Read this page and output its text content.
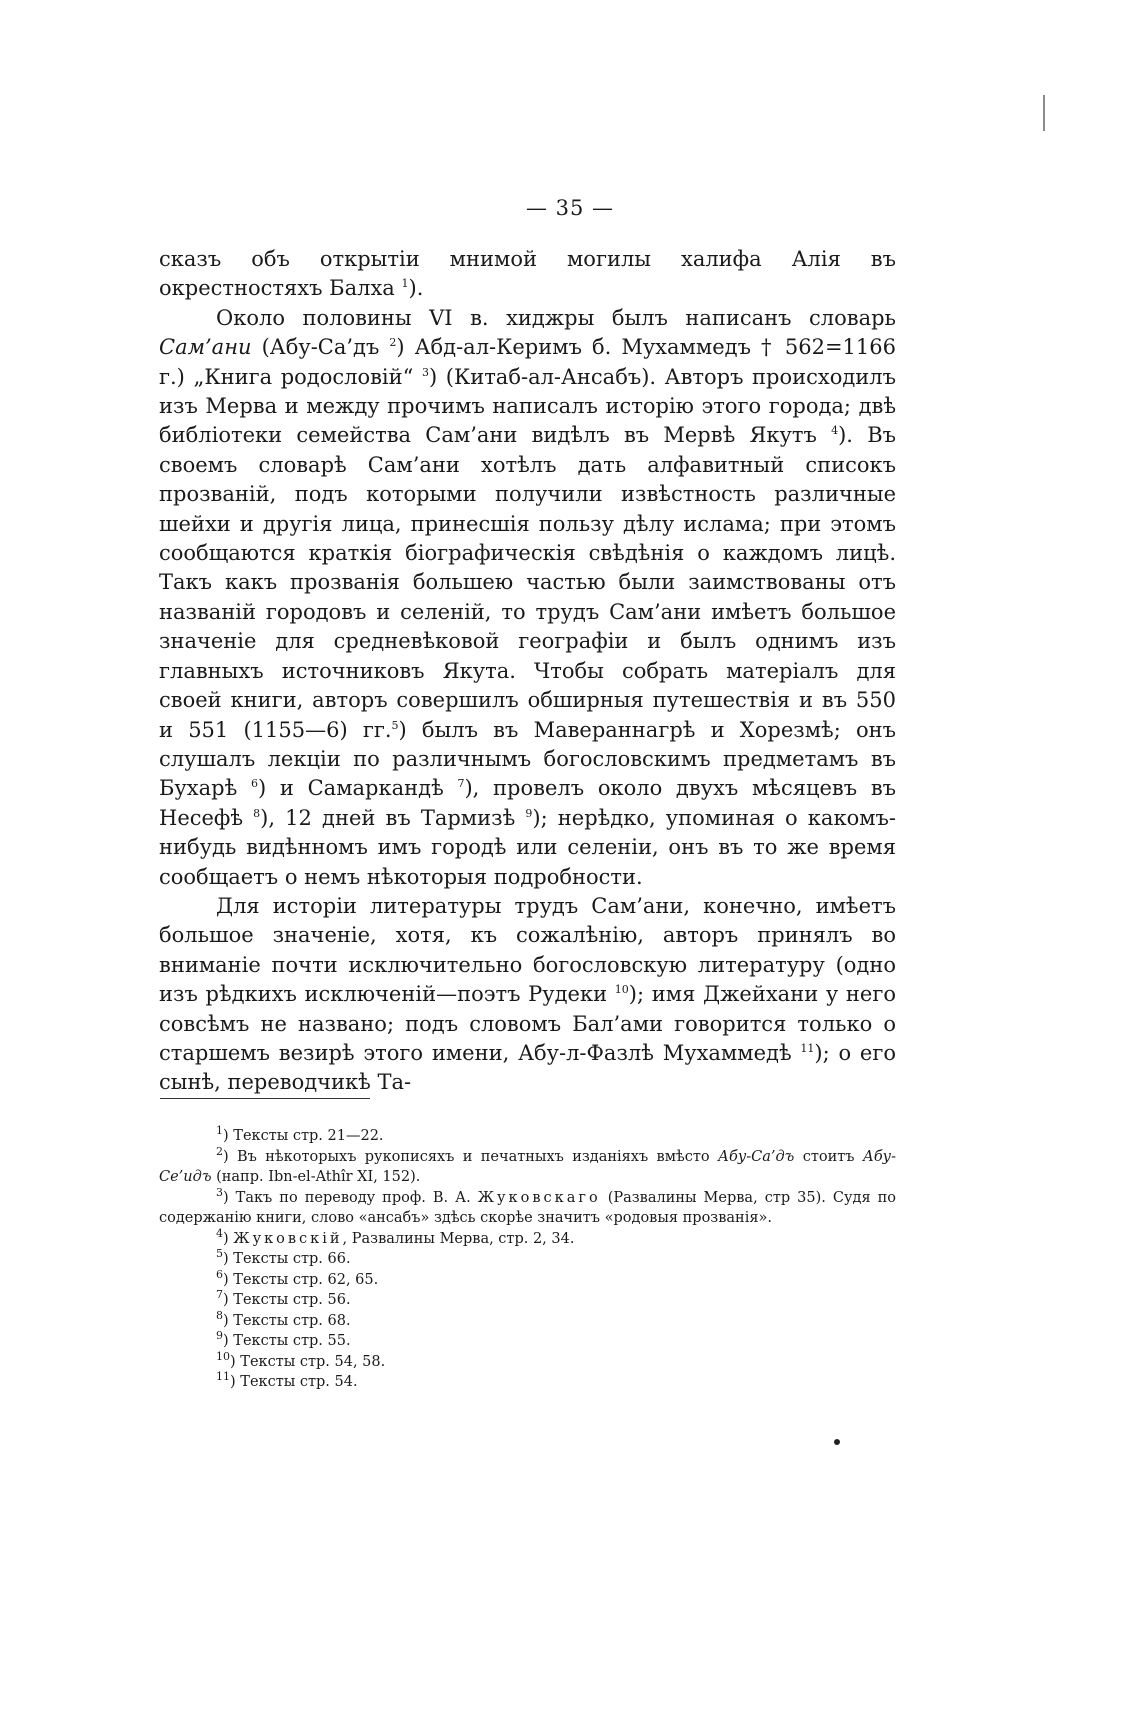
— 35 —

сказъ объ открытіи мнимой могилы халифа Алія въ окрестностяхъ Балха $^1$).

Около половины VI в. хиджры былъ написанъ словарь Сам’ани (Абу-Са’дъ $^2$) Абд-ал-Керимъ б. Мухаммедъ † 562=1166 г.) „Книга родословій“ $^3$) (Китаб-ал-Ансабъ). Авторъ происходилъ изъ Мерва и между прочимъ написалъ исторію этого города; двѣ библіотеки семейства Сам’ани видѣлъ въ Мервѣ Якутъ $^4$). Въ своемъ словарѣ Сам’ани хотѣлъ дать алфавитный списокъ прозваній, подъ которыми получили извѣстность различные шейхи и другія лица, принесшія пользу дѣлу ислама; при этомъ сообщаются краткія біографическія свѣдѣнія о каждомъ лицѣ. Такъ какъ прозванія большею частью были заимствованы отъ названій городовъ и селеній, то трудъ Сам’ани имѣетъ большое значеніе для средневѣковой географіи и былъ однимъ изъ главныхъ источниковъ Якута. Чтобы собрать матеріалъ для своей книги, авторъ совершилъ обширныя путешествія и въ 550 и 551 (1155—6) гг.$^5$) былъ въ Мавераннагрѣ и Хорезмѣ; онъ слушалъ лекціи по различнымъ богословскимъ предметамъ въ Бухарѣ $^6$) и Самаркандѣ $^7$), провелъ около двухъ мѣсяцевъ въ Несефѣ $^8$), 12 дней въ Тармизѣ $^9$); нерѣдко, упоминая о какомъ-нибудь видѣнномъ имъ городѣ или селеніи, онъ въ то же время сообщаетъ о немъ нѣкоторыя подробности.

Для исторіи литературы трудъ Сам’ани, конечно, имѣетъ большое значеніе, хотя, къ сожалѣнію, авторъ принялъ во вниманіе почти исключительно богословскую литературу (одно изъ рѣдкихъ исключеній—поэтъ Рудеки $^{10}$); имя Джейхани у него совсѣмъ не названо; подъ словомъ Бал’ами говорится только о старшемъ везирѣ этого имени, Абу-л-Фазлѣ Мухаммедѣ $^{11}$); о его сынѣ, переводчикѣ Та-

$^1$) Тексты стр. 21—22.

$^2$) Въ нѣкоторыхъ рукописяхъ и печатныхъ изданіяхъ вмѣсто Абу-Са’дъ стоитъ Абу-Се’идъ (напр. Ibn-el-Athîr XI, 152).

$^3$) Такъ по переводу проф. В. А. Жуковскаго (Развалины Мерва, стр 35). Судя по содержанію книги, слово «ансабъ» здѣсь скорѣе значитъ «родовыя прозванія».

$^4$) Жуковскій, Развалины Мерва, стр. 2, 34.

$^5$) Тексты стр. 66.

$^6$) Тексты стр. 62, 65.

$^7$) Тексты стр. 56.

$^8$) Тексты стр. 68.

$^9$) Тексты стр. 55.

$^{10}$) Тексты стр. 54, 58.

$^{11}$) Тексты стр. 54.
